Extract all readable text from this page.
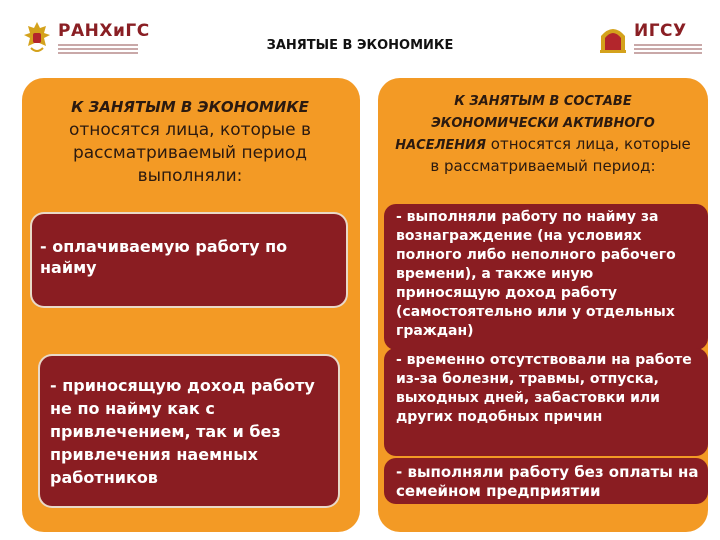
РАНХиГС
ЗАНЯТЫЕ В ЭКОНОМИКЕ
ИГСУ
К ЗАНЯТЫМ В ЭКОНОМИКЕ относятся лица, которые в рассматриваемый период выполняли:
К ЗАНЯТЫМ В СОСТАВЕ ЭКОНОМИЧЕСКИ АКТИВНОГО НАСЕЛЕНИЯ относятся лица, которые в рассматриваемый период:
- оплачиваемую работу по найму
- приносящую доход работу не по найму как с привлечением, так и без привлечения наемных работников
- выполняли работу по найму за вознаграждение (на условиях полного либо неполного рабочего времени), а также иную приносящую доход работу (самостоятельно или у отдельных граждан)
- временно отсутствовали на работе из-за болезни, травмы, отпуска, выходных дней, забастовки или других подобных причин
- выполняли работу без оплаты на семейном предприятии
